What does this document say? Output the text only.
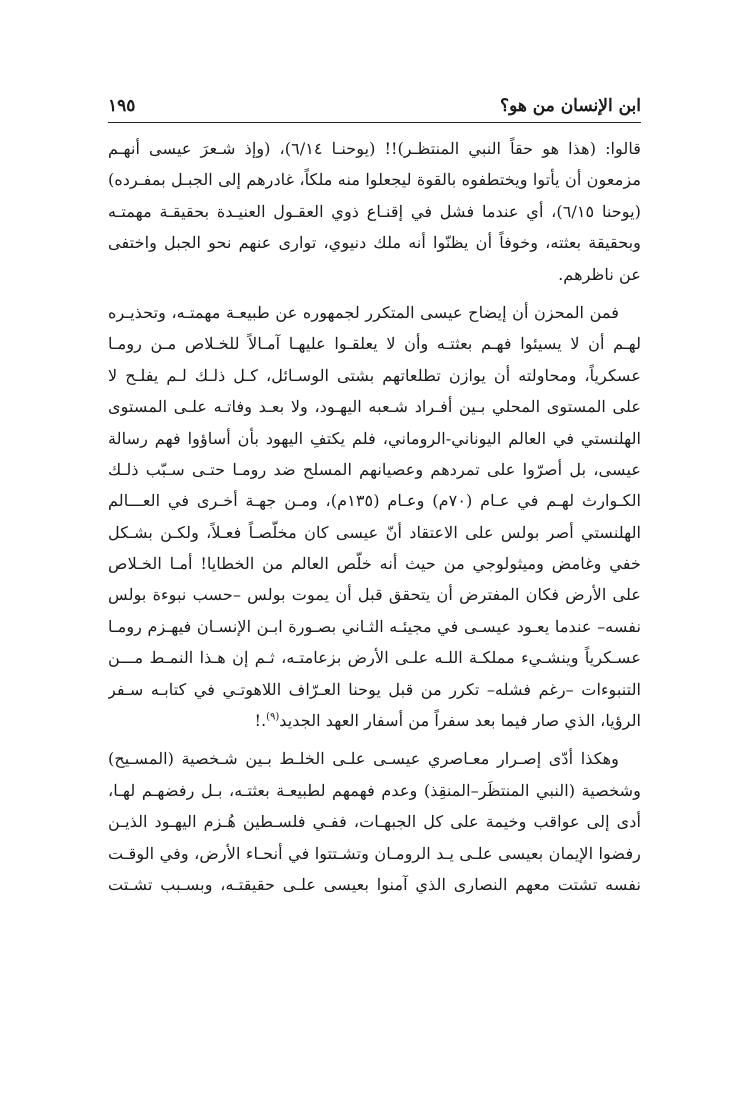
ابن الإنسان من هو؟
١٩٥

قالوا: (هذا هو حقاً النبي المنتظـر)!! (يوحنـا ٦/١٤)، (وإذ شـعرَ عيسى أنهـم
مزمعون أن يأتوا ويختطفوه بالقوة ليجعلوا منه ملكاً، غادرهم إلى الجبـل بمفـرده)
(يوحنا ٦/١٥)، أي عندما فشل في إقنـاع ذوي العقـول العنيـدة بحقيقـة مهمتـه
وبحقيقة بعثته، وخوفاً أن يظنّوا أنه ملك دنيوي، توارى عنهم نحو الجبل واختفى
عن ناظرهم.

فمن المحزن أن إيضاح عيسى المتكرر لجمهوره عن طبيعـة مهمتـه، وتحذيـره
لهـم أن لا يسيئوا فهـم بعثتـه وأن لا يعلقـوا عليهـا آمـالاً للخـلاص مـن رومـا
عسكرياً، ومحاولته أن يوازن تطلعاتهم بشتى الوسـائل، كـل ذلـك لـم يفلـح لا
على المستوى المحلي بـين أفـراد شـعبه اليهـود، ولا بعـد وفاتـه علـى المستوى
الهلنستي في العالم اليوناني-الروماني، فلم يكتفِ اليهود بأن أساؤوا فهم رسالة
عيسى، بل أصرّوا على تمردهم وعصيانهم المسلح ضد رومـا حتـى سـبّب ذلـك
الكـوارث لهـم في عـام (٧٠م) وعـام (١٣٥م)، ومـن جهـة أخـرى في العـــالم
الهلنستي أصر بولس على الاعتقاد أنّ عيسى كان مخلّصـاً فعـلاً، ولكـن بشـكل
خفي وغامض وميثولوجي من حيث أنه خلّص العالم من الخطايا! أمـا الخـلاص
على الأرض فكان المفترض أن يتحقق قبل أن يموت بولس –حسب نبوءة بولس
نفسه– عندما يعـود عيسـى في مجيئـه الثـاني بصـورة ابـن الإنسـان فيهـزم رومـا
عسـكرياً وينشـيء مملكـة اللـه علـى الأرض بزعامتـه، ثـم إن هـذا النمـط مـــن
التنبوءات –رغم فشله– تكرر من قبل يوحنا العـرّاف اللاهوتـي في كتابـه سـفر
الرؤيا، الذي صار فيما بعد سفراً من أسفار العهد الجديد$^{(٩)}$.!

وهكذا أدّى إصـرار معـاصري عيسـى علـى الخلـط بـين شـخصية (المسـيح)
وشخصية (النبي المنتظَر–المنقِذ) وعدم فهمهم لطبيعـة بعثتـه، بـل رفضهـم لهـا،
أدى إلى عواقب وخيمة على كل الجبهـات، ففـي فلسـطين هُـزم اليهـود الذيـن
رفضوا الإيمان بعيسى علـى يـد الرومـان وتشـتتوا في أنحـاء الأرض، وفي الوقـت
نفسه تشتت معهم النصارى الذي آمنوا بعيسى علـى حقيقتـه، وبسـبب تشـتت
